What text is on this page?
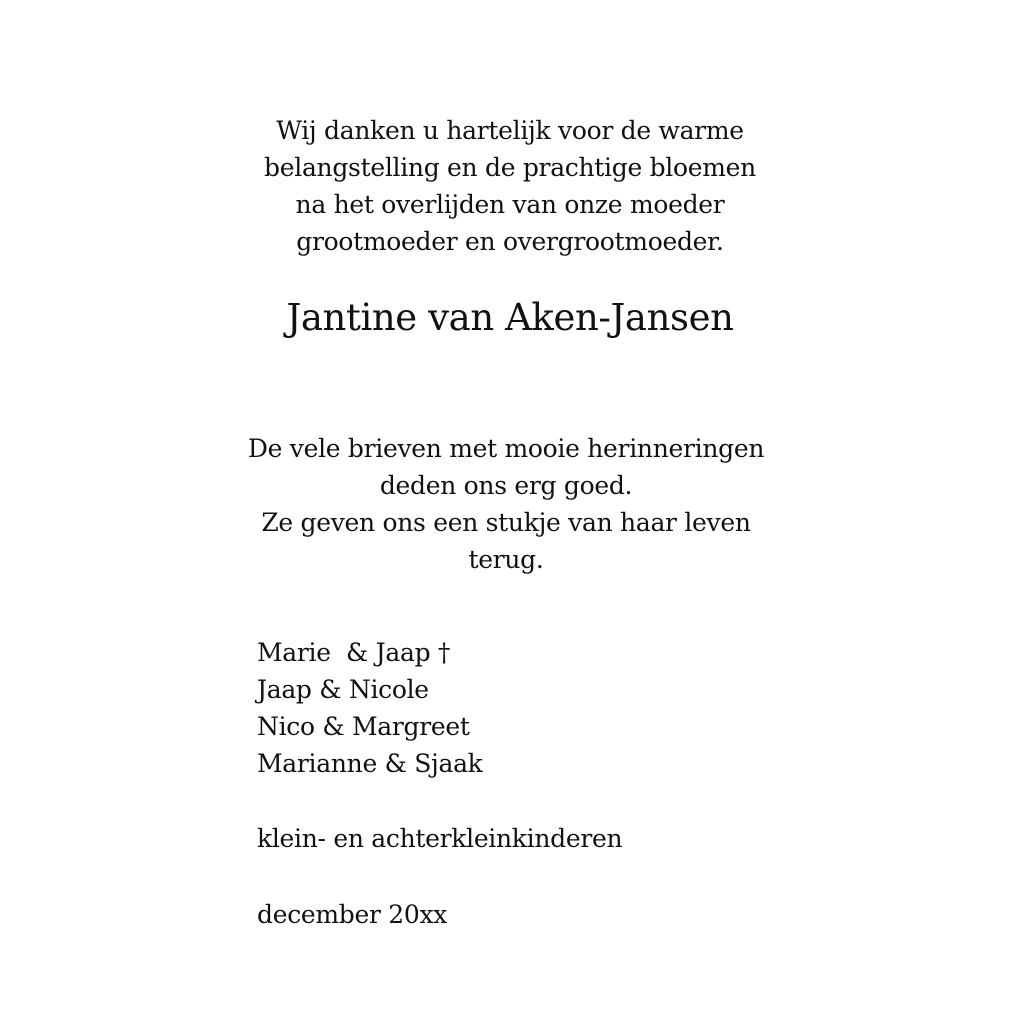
Wij danken u hartelijk voor de warme
belangstelling en de prachtige bloemen
na het overlijden van onze moeder
grootmoeder en overgrootmoeder.
Jantine van Aken-Jansen
De vele brieven met mooie herinneringen
deden ons erg goed.
Ze geven ons een stukje van haar leven
terug.
Marie  & Jaap †
Jaap & Nicole
Nico & Margreet
Marianne & Sjaak
klein- en achterkleinkinderen
december 20xx
